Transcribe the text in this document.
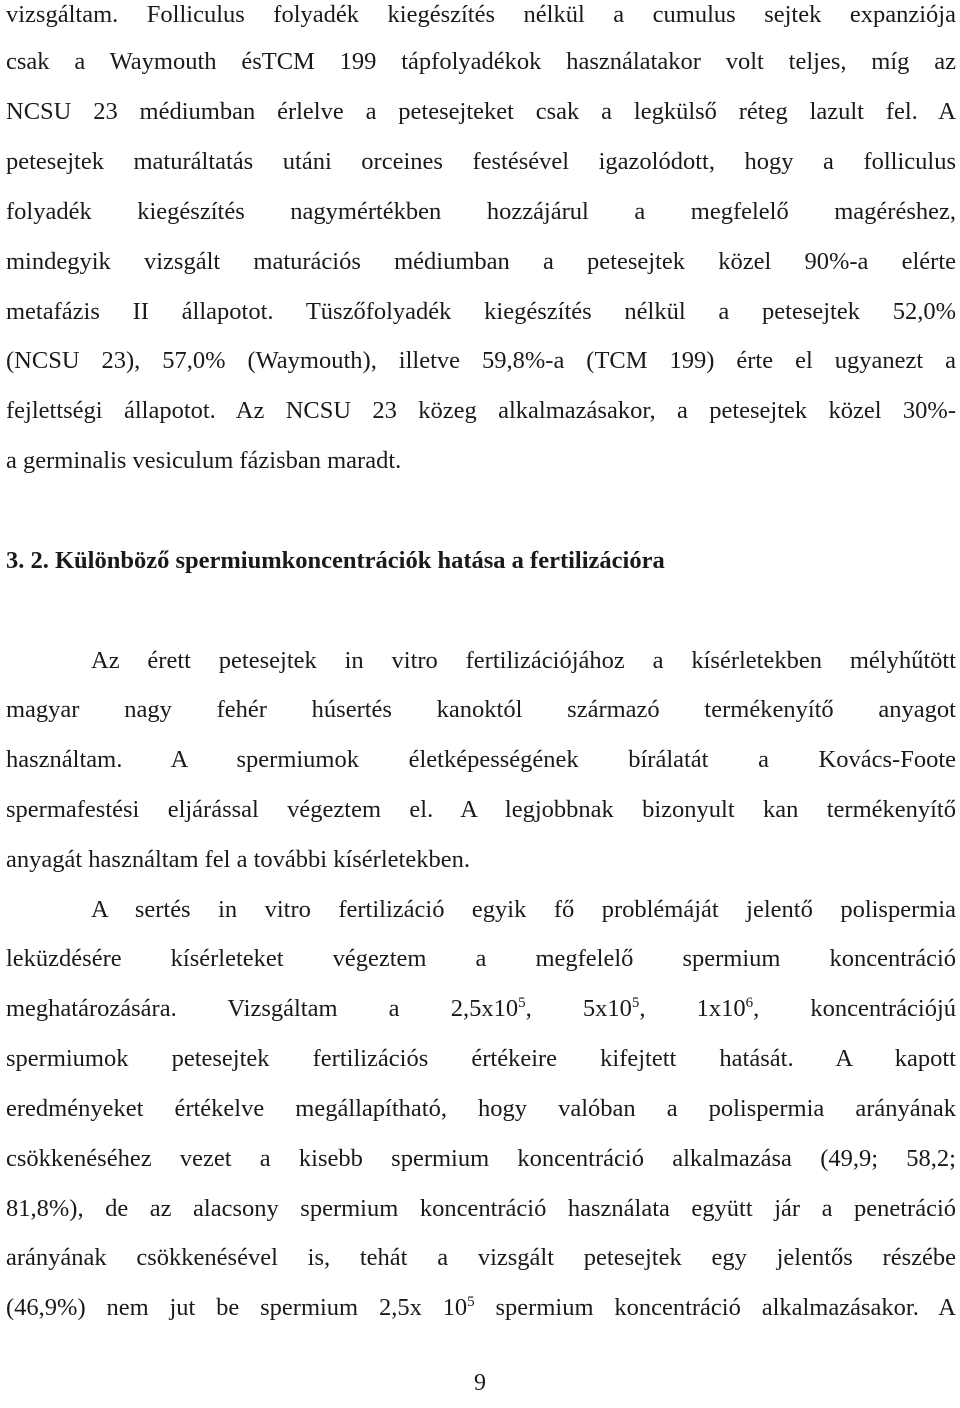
vizsgáltam. Folliculus folyadék kiegészítés nélkül a cumulus sejtek expanziója
csak a Waymouth ésTCM 199 tápfolyadékok használatakor volt teljes, míg az
NCSU 23 médiumban érlelve a petesejteket csak a legkülső réteg lazult fel. A
petesejtek maturáltatás utáni orceines festésével igazolódott, hogy a folliculus
folyadék kiegészítés nagymértékben hozzájárul a megfelelő magéréshez,
mindegyik vizsgált maturációs médiumban a petesejtek közel 90%-a elérte
metafázis II állapotot. Tüszőfolyadék kiegészítés nélkül a petesejtek 52,0%
(NCSU 23), 57,0% (Waymouth), illetve 59,8%-a (TCM 199) érte el ugyanezt a
fejlettségi állapotot. Az NCSU 23 közeg alkalmazásakor, a petesejtek közel 30%-
a germinalis vesiculum fázisban maradt.
3. 2. Különböző spermiumkoncentrációk hatása a fertilizációra
Az érett petesejtek in vitro fertilizációjához a kísérletekben mélyhűtött
magyar nagy fehér húsertés kanoktól származó termékenyítő anyagot
használtam. A spermiumok életképességének bírálatát a Kovács-Foote
spermafestési eljárással végeztem el. A legjobbnak bizonyult kan termékenyítő
anyagát használtam fel a további kísérletekben.
A sertés in vitro fertilizáció egyik fő problémáját jelentő polispermia
leküzdésére kísérleteket végeztem a megfelelő spermium koncentráció
meghatározására. Vizsgáltam a $2,5x10^5$, $5x10^5$, $1x10^6$, koncentrációjú
spermiumok petesejtek fertilizációs értékeire kifejtett hatását. A kapott
eredményeket értékelve megállapítható, hogy valóban a polispermia arányának
csökkenéséhez vezet a kisebb spermium koncentráció alkalmazása (49,9; 58,2;
81,8%), de az alacsony spermium koncentráció használata együtt jár a penetráció
arányának csökkenésével is, tehát a vizsgált petesejtek egy jelentős részébe
(46,9%) nem jut be spermium 2,5x $10^5$ spermium koncentráció alkalmazásakor. A
9
